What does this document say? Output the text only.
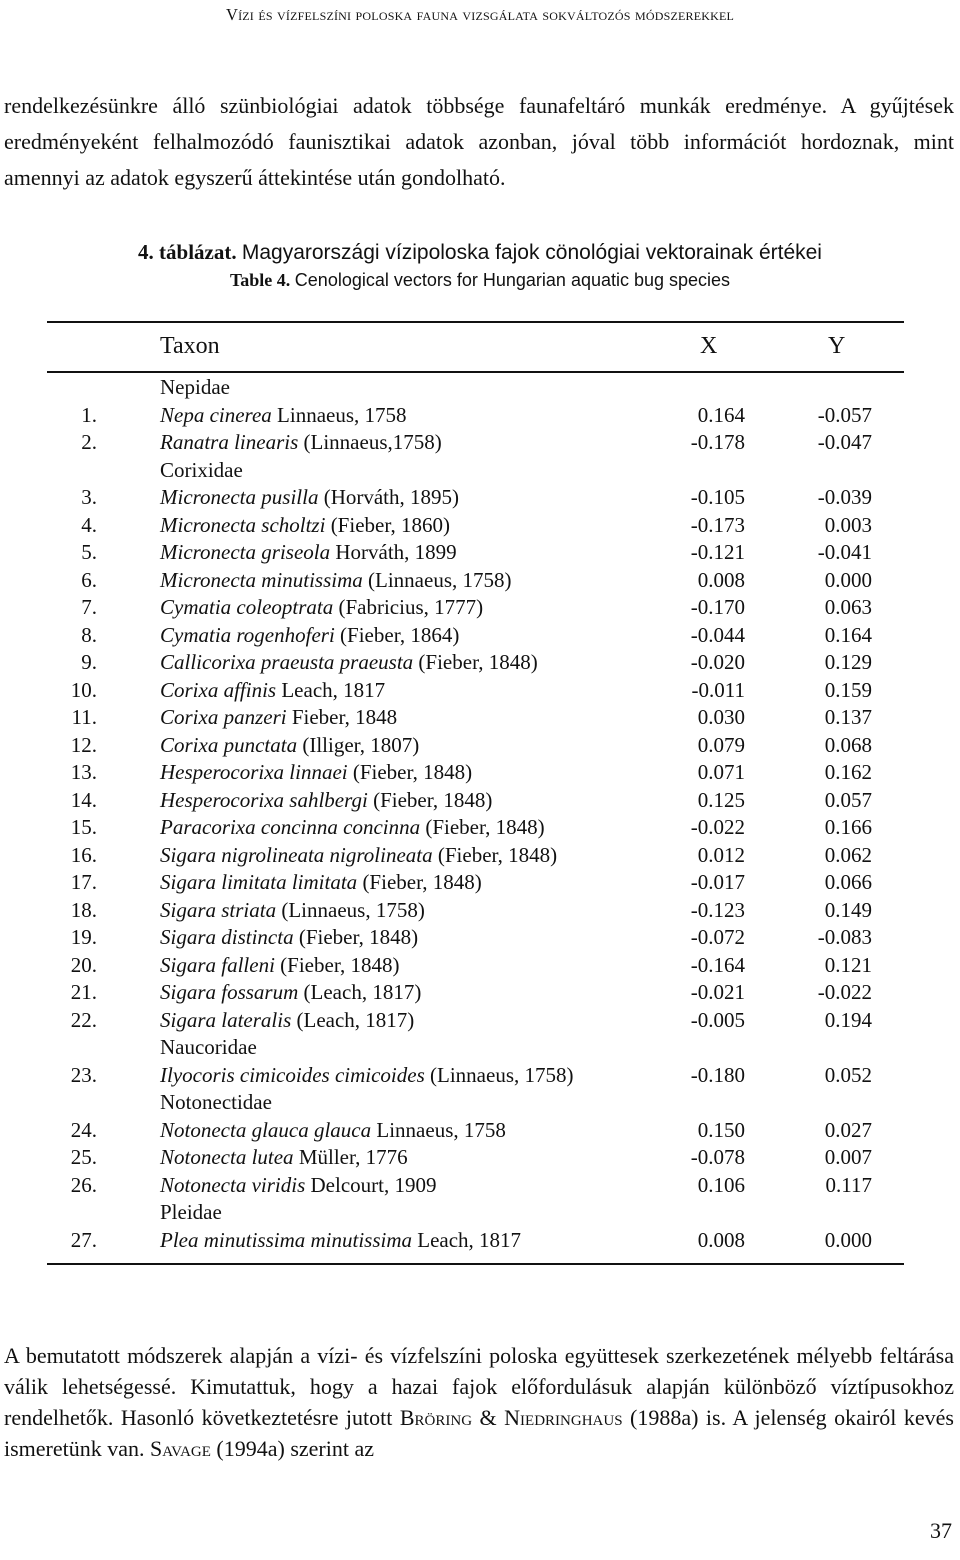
Vízi és vízfelszíni poloska fauna vizsgálata sokváltozós módszerekkel

rendelkezésünkre álló szünbiológiai adatok többsége faunafeltáró munkák eredménye. A gyűjtések eredményeként felhalmozódó faunisztikai adatok azonban, jóval több információt hordoznak, mint amennyi az adatok egyszerű áttekintése után gondolható.

4. táblázat. Magyarországi vízipoloska fajok cönológiai vektorainak értékei
Table 4. Cenological vectors for Hungarian aquatic bug species
Taxon	X	Y
Nepidae
1.	Nepa cinerea Linnaeus, 1758	0.164	-0.057
2.	Ranatra linearis (Linnaeus,1758)	-0.178	-0.047
Corixidae
3.	Micronecta pusilla (Horváth, 1895)	-0.105	-0.039
4.	Micronecta scholtzi (Fieber, 1860)	-0.173	0.003
5.	Micronecta griseola Horváth, 1899	-0.121	-0.041
6.	Micronecta minutissima (Linnaeus, 1758)	0.008	0.000
7.	Cymatia coleoptrata (Fabricius, 1777)	-0.170	0.063
8.	Cymatia rogenhoferi (Fieber, 1864)	-0.044	0.164
9.	Callicorixa praeusta praeusta (Fieber, 1848)	-0.020	0.129
10.	Corixa affinis Leach, 1817	-0.011	0.159
11.	Corixa panzeri Fieber, 1848	0.030	0.137
12.	Corixa punctata (Illiger, 1807)	0.079	0.068
13.	Hesperocorixa linnaei (Fieber, 1848)	0.071	0.162
14.	Hesperocorixa sahlbergi (Fieber, 1848)	0.125	0.057
15.	Paracorixa concinna concinna (Fieber, 1848)	-0.022	0.166
16.	Sigara nigrolineata nigrolineata (Fieber, 1848)	0.012	0.062
17.	Sigara limitata limitata (Fieber, 1848)	-0.017	0.066
18.	Sigara striata (Linnaeus, 1758)	-0.123	0.149
19.	Sigara distincta (Fieber, 1848)	-0.072	-0.083
20.	Sigara falleni (Fieber, 1848)	-0.164	0.121
21.	Sigara fossarum (Leach, 1817)	-0.021	-0.022
22.	Sigara lateralis (Leach, 1817)	-0.005	0.194
Naucoridae
23.	Ilyocoris cimicoides cimicoides (Linnaeus, 1758)	-0.180	0.052
Notonectidae
24.	Notonecta glauca glauca Linnaeus, 1758	0.150	0.027
25.	Notonecta lutea Müller, 1776	-0.078	0.007
26.	Notonecta viridis Delcourt, 1909	0.106	0.117
Pleidae
27.	Plea minutissima minutissima Leach, 1817	0.008	0.000

A bemutatott módszerek alapján a vízi- és vízfelszíni poloska együttesek szerkezetének mélyebb feltárása válik lehetségessé. Kimutattuk, hogy a hazai fajok előfordulásuk alapján különböző víztípusokhoz rendelhetők. Hasonló következtetésre jutott Bröring & Niedringhaus (1988a) is. A jelenség okairól kevés ismeretünk van. Savage (1994a) szerint az

37
